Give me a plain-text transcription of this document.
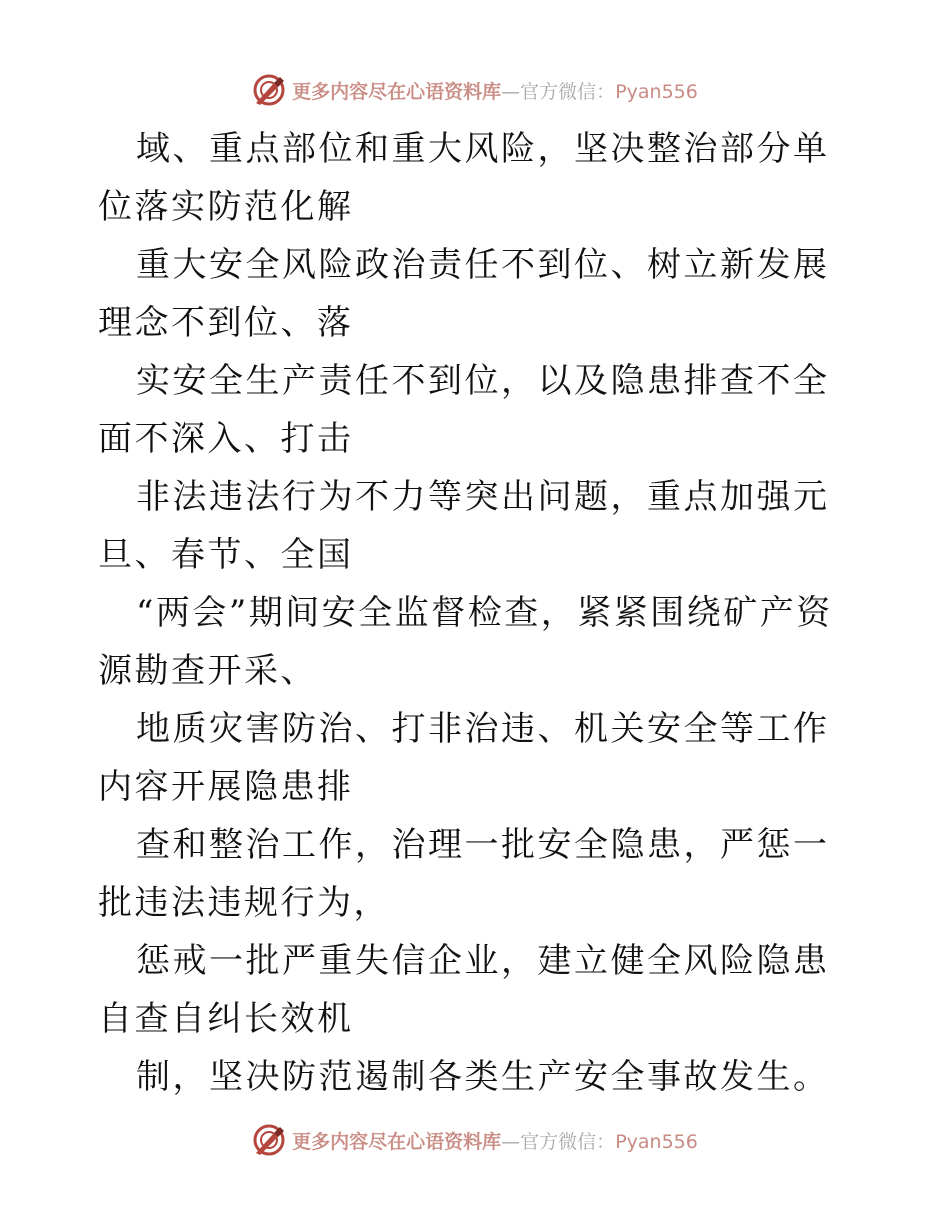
更多内容尽在心语资料库—官方微信：Pyan556

域、重点部位和重大风险，坚决整治部分单位落实防范化解

重大安全风险政治责任不到位、树立新发展理念不到位、落

实安全生产责任不到位，以及隐患排查不全面不深入、打击

非法违法行为不力等突出问题，重点加强元旦、春节、全国

“两会”期间安全监督检查，紧紧围绕矿产资源勘查开采、

地质灾害防治、打非治违、机关安全等工作内容开展隐患排

查和整治工作，治理一批安全隐患，严惩一批违法违规行为，

惩戒一批严重失信企业，建立健全风险隐患自查自纠长效机

制，坚决防范遏制各类生产安全事故发生。

更多内容尽在心语资料库—官方微信：Pyan556
